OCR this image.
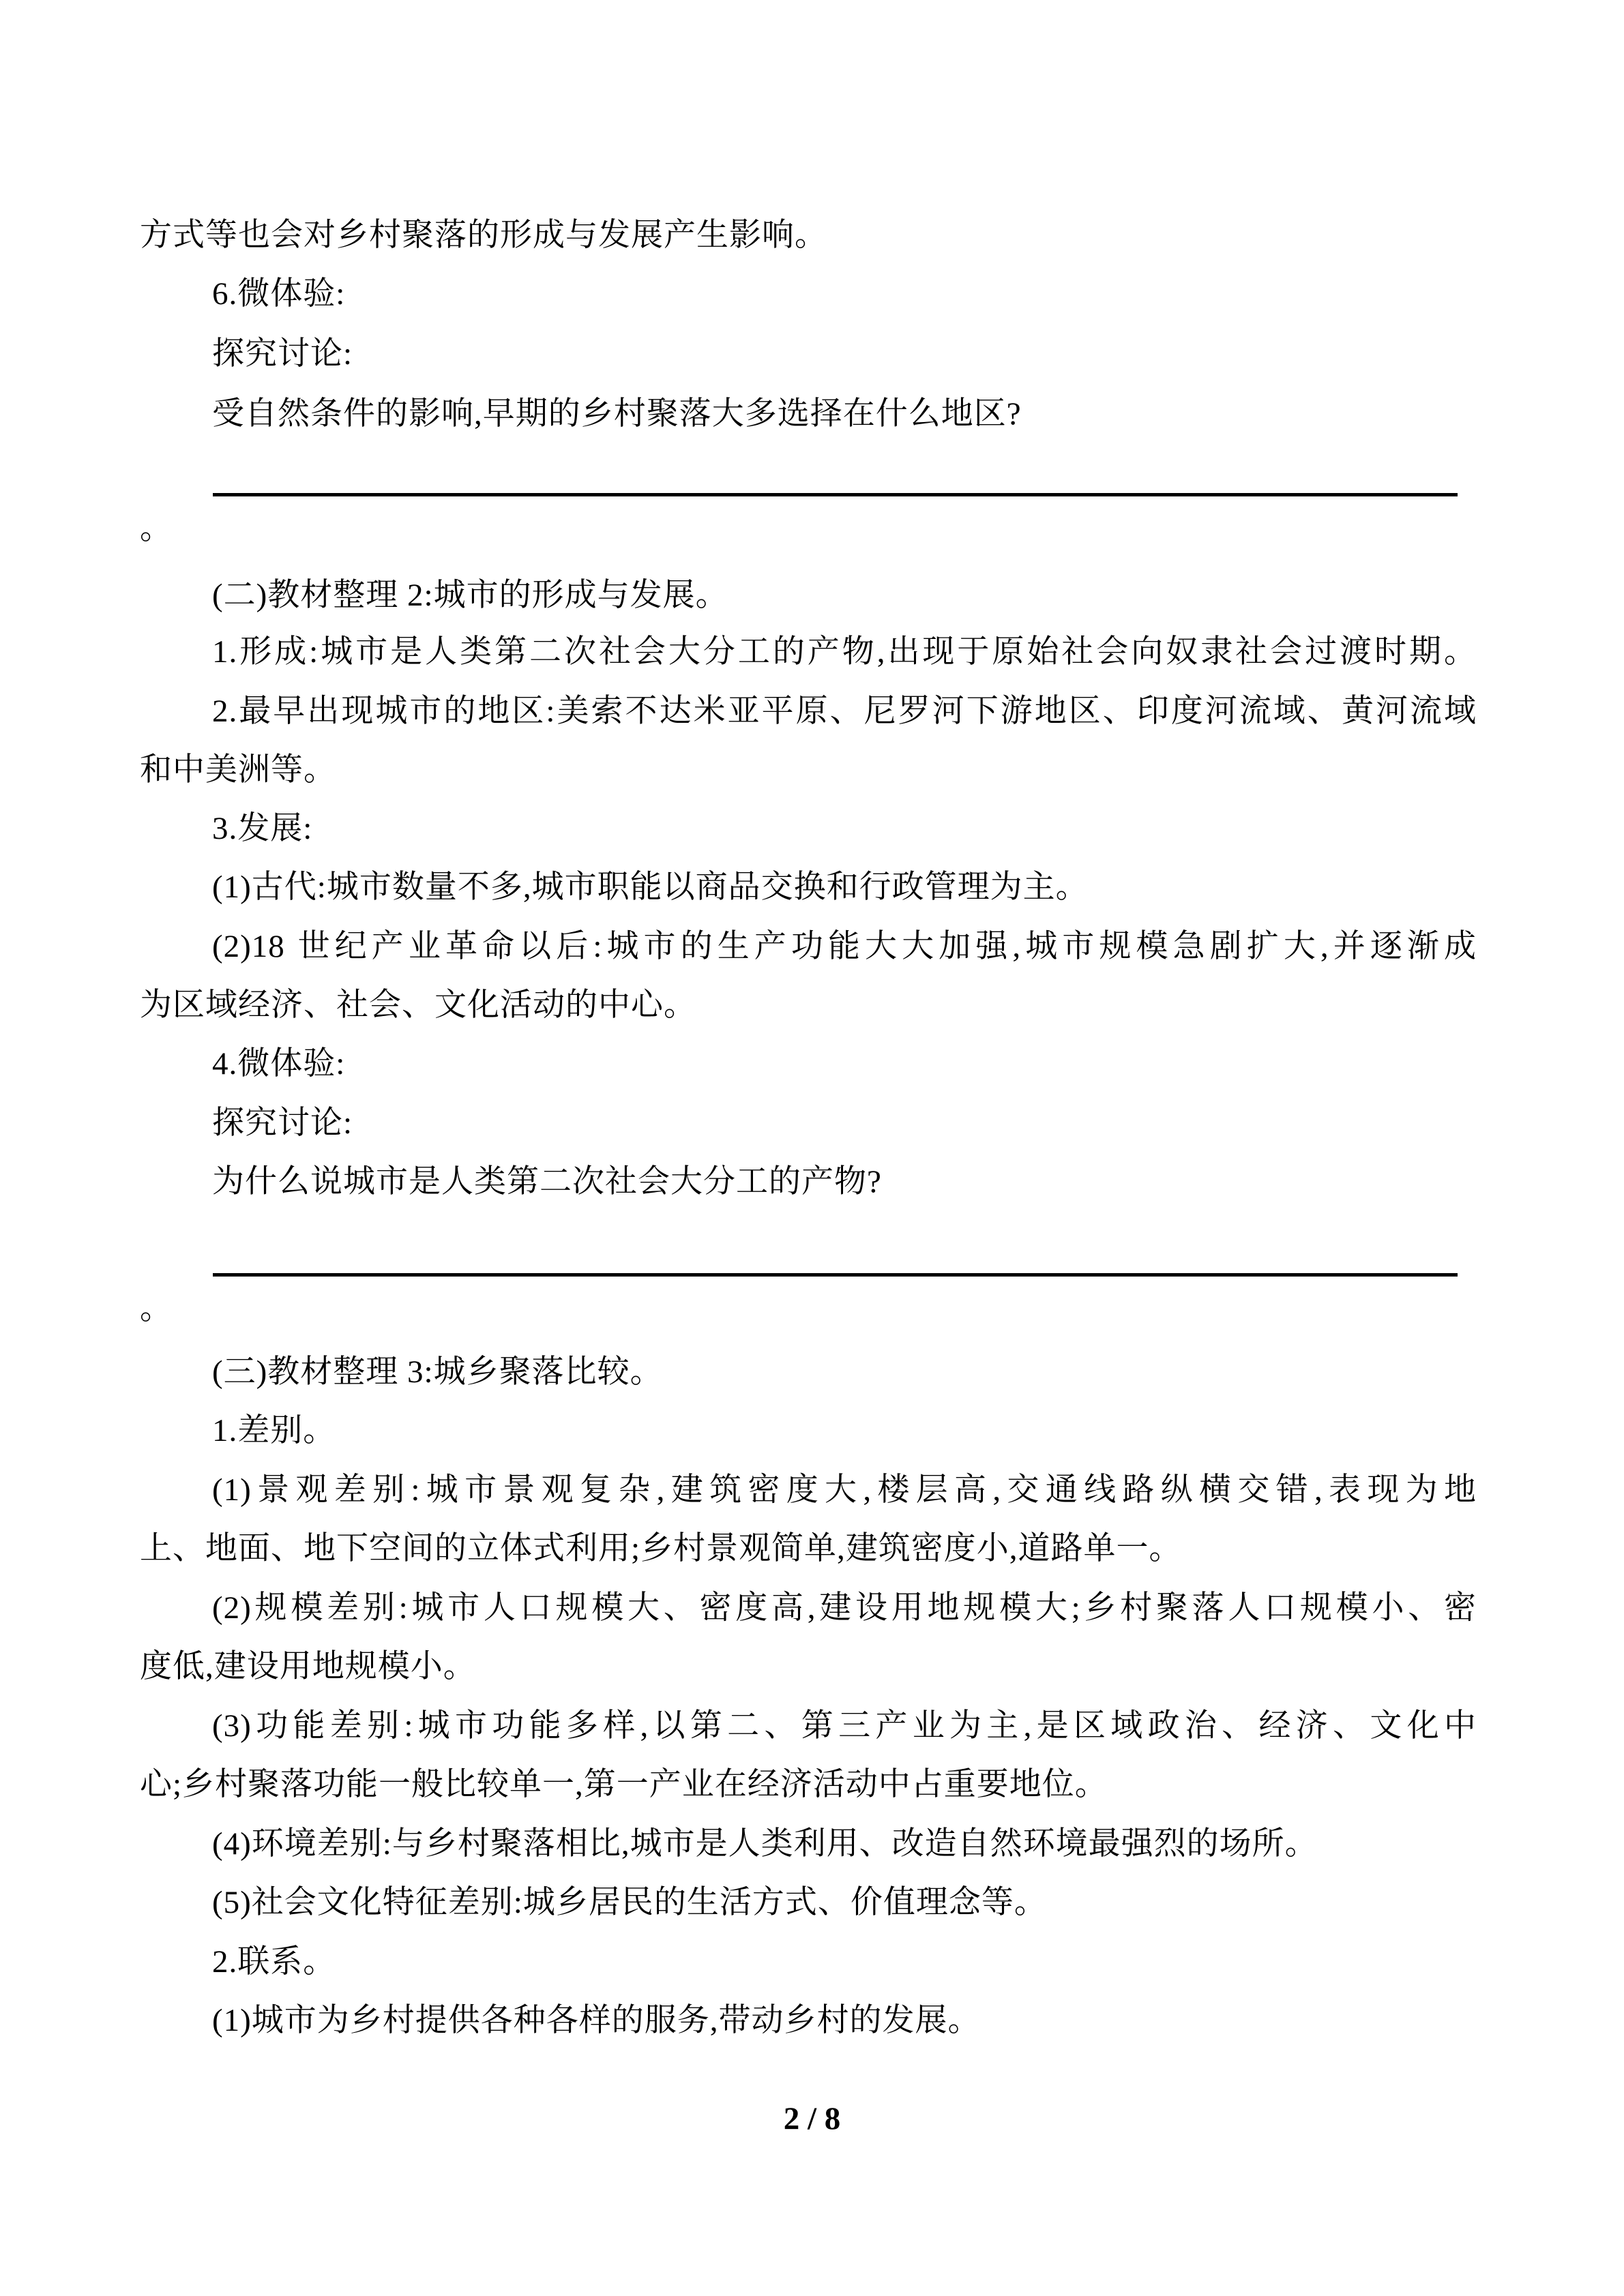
方式等也会对乡村聚落的形成与发展产生影响。
6.微体验:
探究讨论:
受自然条件的影响,早期的乡村聚落大多选择在什么地区?
。
(二)教材整理 2:城市的形成与发展。
1.形成:城市是人类第二次社会大分工的产物,出现于原始社会向奴隶社会过渡时期。
2.最早出现城市的地区:美索不达米亚平原、尼罗河下游地区、印度河流域、黄河流域
和中美洲等。
3.发展:
(1)古代:城市数量不多,城市职能以商品交换和行政管理为主。
(2)18 世纪产业革命以后:城市的生产功能大大加强,城市规模急剧扩大,并逐渐成
为区域经济、社会、文化活动的中心。
4.微体验:
探究讨论:
为什么说城市是人类第二次社会大分工的产物?
。
(三)教材整理 3:城乡聚落比较。
1.差别。
(1)景观差别:城市景观复杂,建筑密度大,楼层高,交通线路纵横交错,表现为地
上、地面、地下空间的立体式利用;乡村景观简单,建筑密度小,道路单一。
(2)规模差别:城市人口规模大、密度高,建设用地规模大;乡村聚落人口规模小、密
度低,建设用地规模小。
(3)功能差别:城市功能多样,以第二、第三产业为主,是区域政治、经济、文化中
心;乡村聚落功能一般比较单一,第一产业在经济活动中占重要地位。
(4)环境差别:与乡村聚落相比,城市是人类利用、改造自然环境最强烈的场所。
(5)社会文化特征差别:城乡居民的生活方式、价值理念等。
2.联系。
(1)城市为乡村提供各种各样的服务,带动乡村的发展。
2 / 8
